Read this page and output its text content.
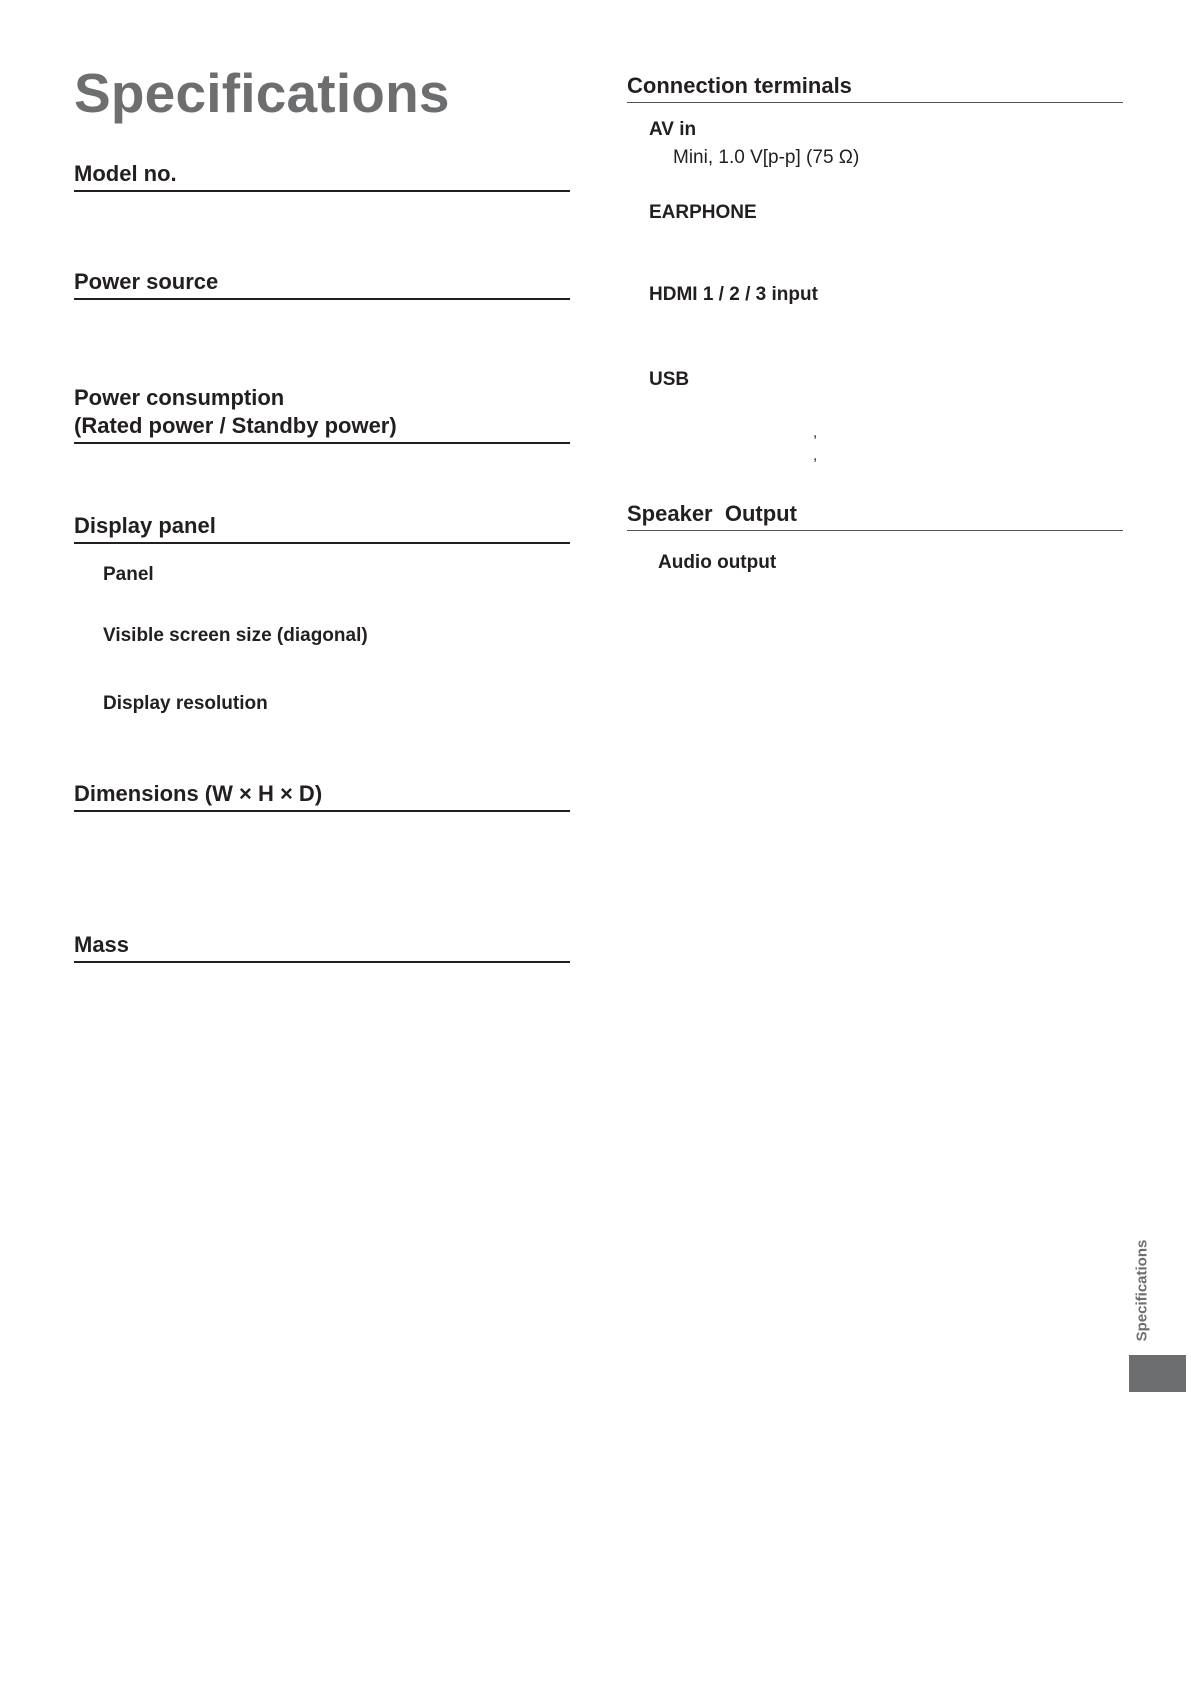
Specifications
Model no.
Power source
Power consumption
(Rated power / Standby power)
Display panel
Panel
Visible screen size (diagonal)
Display resolution
Dimensions (W × H × D)
Mass
Connection terminals
AV in
Mini, 1.0 V[p-p] (75 Ω)
EARPHONE
HDMI 1 / 2 / 3 input
USB
,
,
Speaker  Output
Audio output
Specifications
